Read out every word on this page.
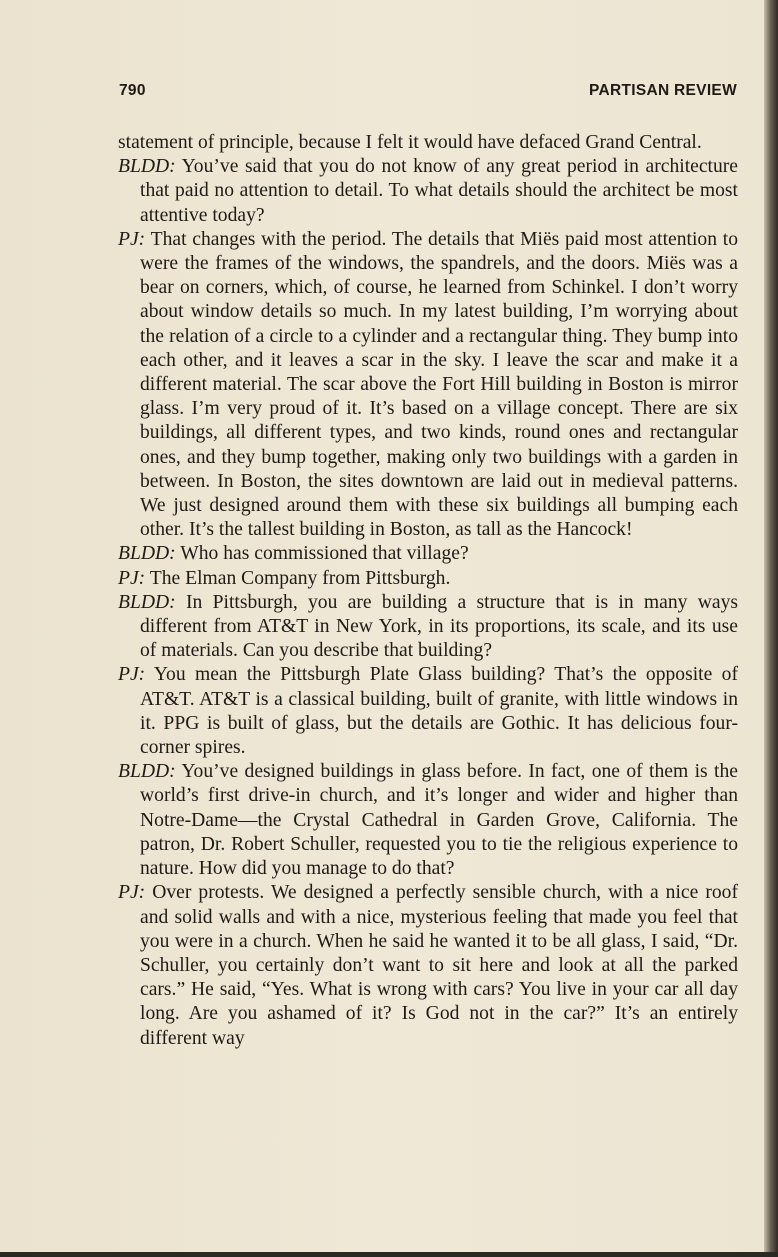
790	PARTISAN REVIEW

statement of principle, because I felt it would have defaced Grand Central.

BLDD: You’ve said that you do not know of any great period in architecture that paid no attention to detail. To what details should the architect be most attentive today?

PJ: That changes with the period. The details that Miës paid most attention to were the frames of the windows, the spandrels, and the doors. Miës was a bear on corners, which, of course, he learned from Schinkel. I don’t worry about window details so much. In my latest building, I’m worrying about the relation of a circle to a cylinder and a rectangular thing. They bump into each other, and it leaves a scar in the sky. I leave the scar and make it a different material. The scar above the Fort Hill building in Boston is mirror glass. I’m very proud of it. It’s based on a village concept. There are six buildings, all different types, and two kinds, round ones and rectangular ones, and they bump together, making only two buildings with a garden in between. In Boston, the sites downtown are laid out in medieval patterns. We just designed around them with these six buildings all bumping each other. It’s the tallest building in Boston, as tall as the Hancock!

BLDD: Who has commissioned that village?

PJ: The Elman Company from Pittsburgh.

BLDD: In Pittsburgh, you are building a structure that is in many ways different from AT&T in New York, in its proportions, its scale, and its use of materials. Can you describe that building?

PJ: You mean the Pittsburgh Plate Glass building? That’s the opposite of AT&T. AT&T is a classical building, built of granite, with little windows in it. PPG is built of glass, but the details are Gothic. It has delicious four-corner spires.

BLDD: You’ve designed buildings in glass before. In fact, one of them is the world’s first drive-in church, and it’s longer and wider and higher than Notre-Dame—the Crystal Cathedral in Garden Grove, California. The patron, Dr. Robert Schuller, requested you to tie the religious experience to nature. How did you manage to do that?

PJ: Over protests. We designed a perfectly sensible church, with a nice roof and solid walls and with a nice, mysterious feeling that made you feel that you were in a church. When he said he wanted it to be all glass, I said, “Dr. Schuller, you certainly don’t want to sit here and look at all the parked cars.” He said, “Yes. What is wrong with cars? You live in your car all day long. Are you ashamed of it? Is God not in the car?” It’s an entirely different way
